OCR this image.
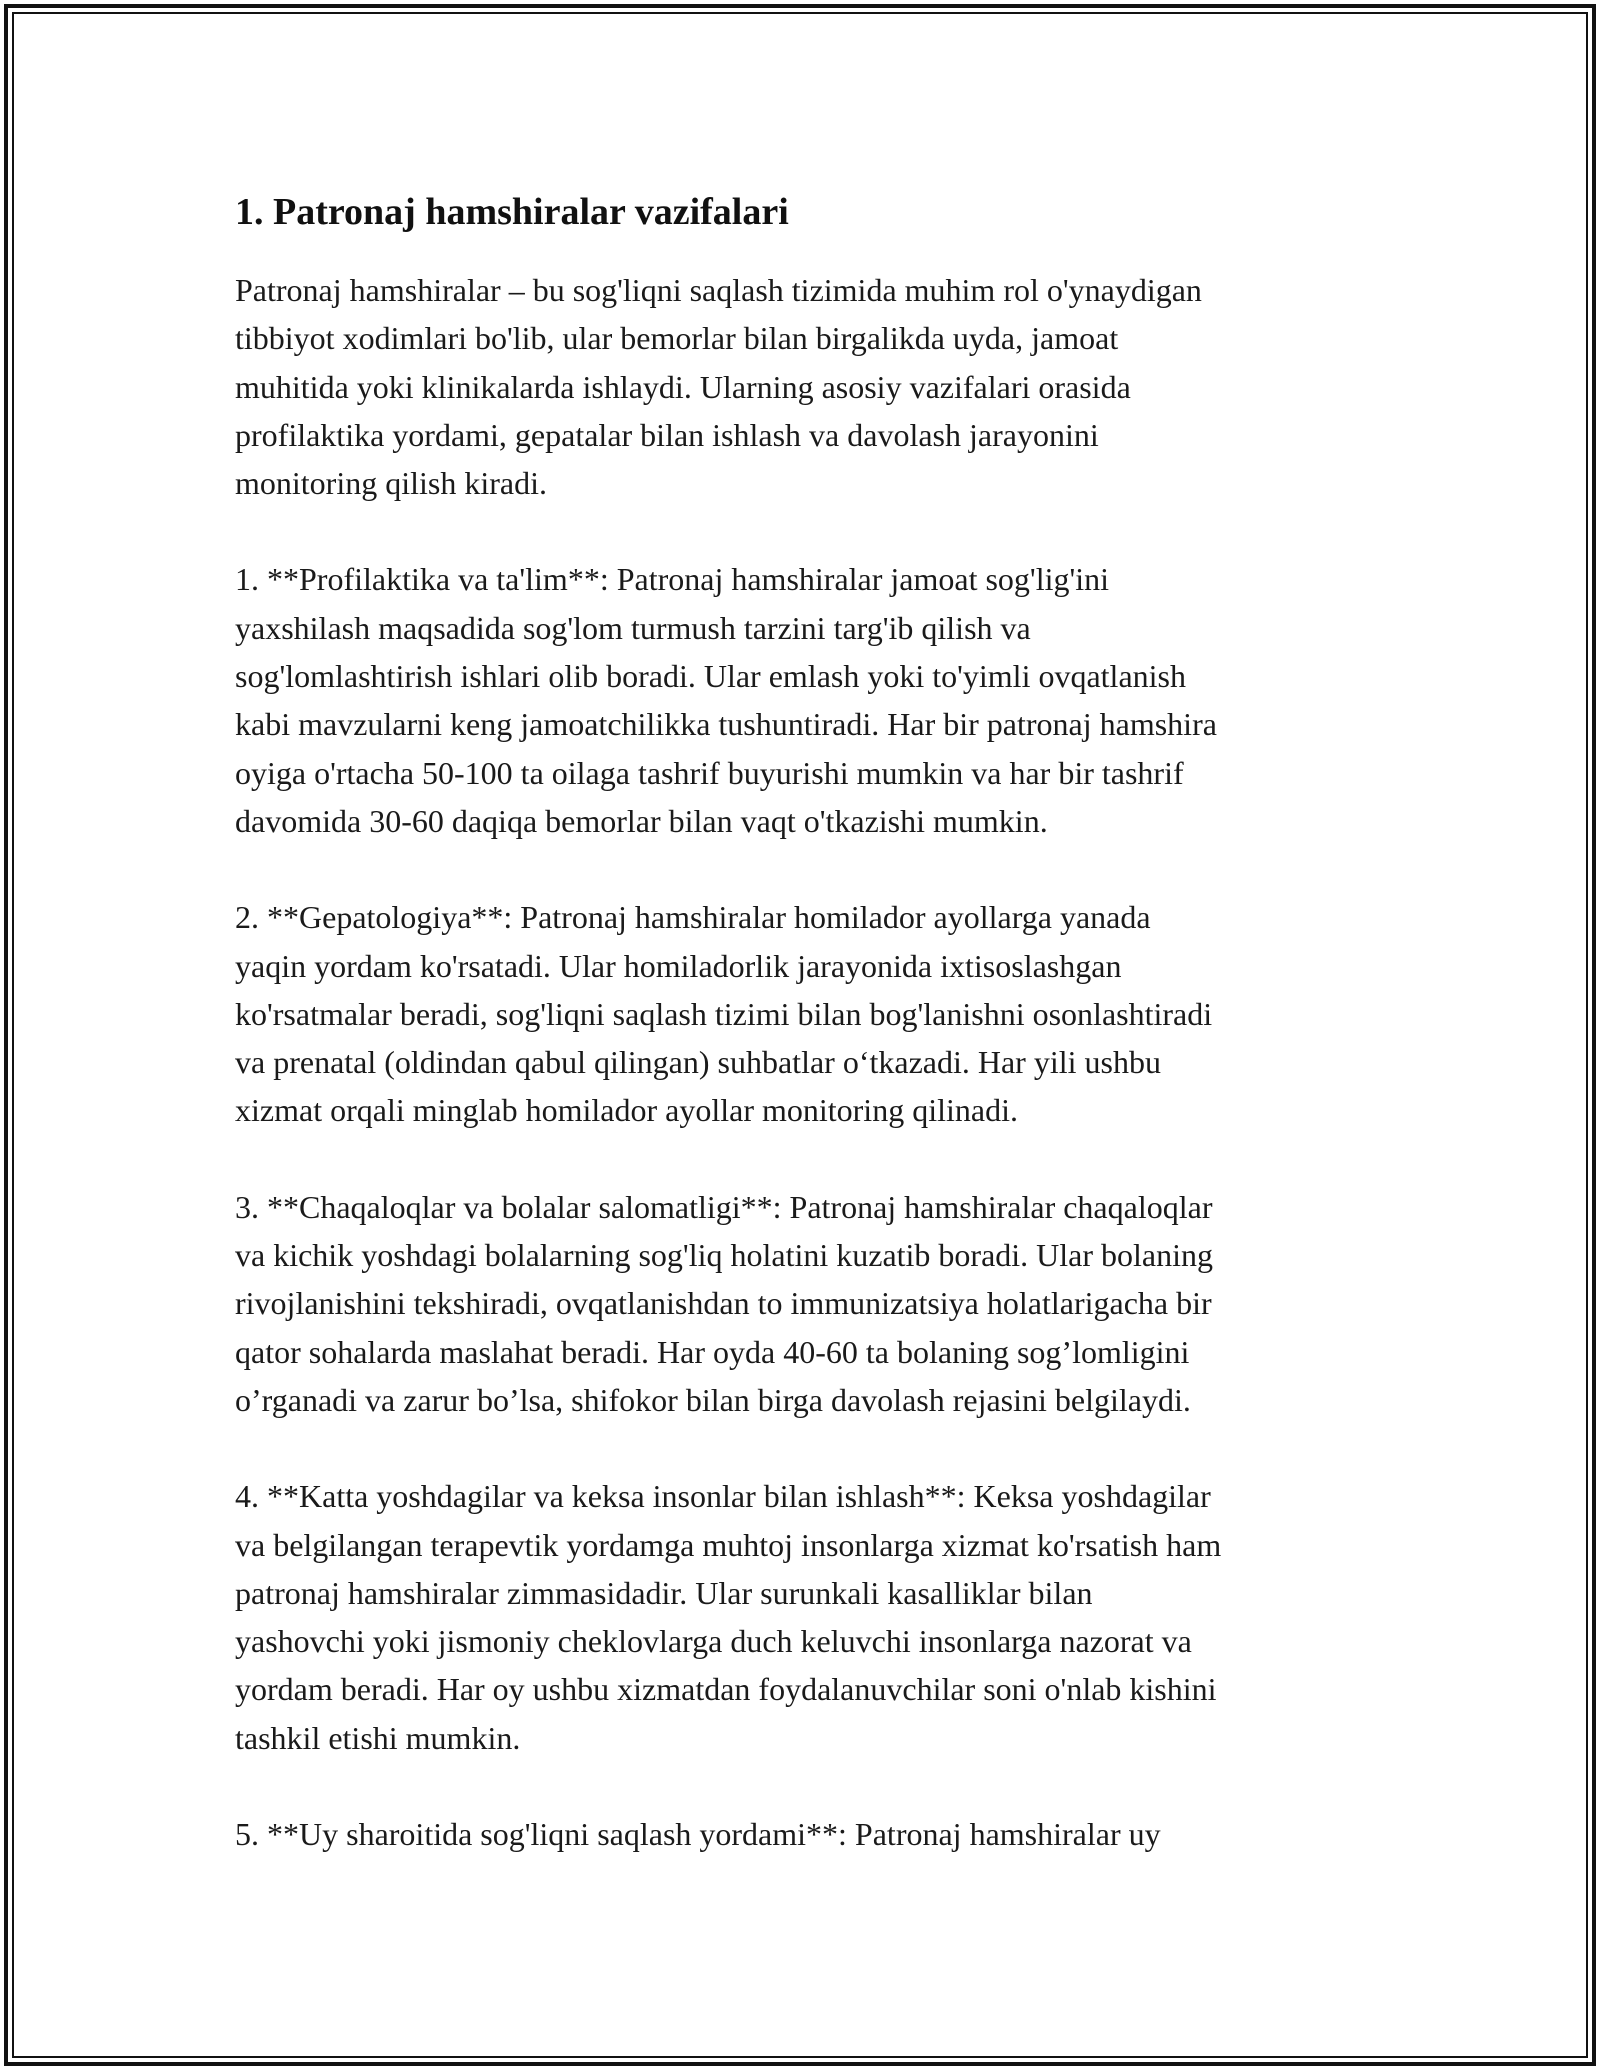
1. Patronaj hamshiralar vazifalari

Patronaj hamshiralar – bu sog'liqni saqlash tizimida muhim rol o'ynaydigan
tibbiyot xodimlari bo'lib, ular bemorlar bilan birgalikda uyda, jamoat
muhitida yoki klinikalarda ishlaydi. Ularning asosiy vazifalari orasida
profilaktika yordami, gepatalar bilan ishlash va davolash jarayonini
monitoring qilish kiradi.

1. **Profilaktika va ta'lim**: Patronaj hamshiralar jamoat sog'lig'ini
yaxshilash maqsadida sog'lom turmush tarzini targ'ib qilish va
sog'lomlashtirish ishlari olib boradi. Ular emlash yoki to'yimli ovqatlanish
kabi mavzularni keng jamoatchilikka tushuntiradi. Har bir patronaj hamshira
oyiga o'rtacha 50-100 ta oilaga tashrif buyurishi mumkin va har bir tashrif
davomida 30-60 daqiqa bemorlar bilan vaqt o'tkazishi mumkin.

2. **Gepatologiya**: Patronaj hamshiralar homilador ayollarga yanada
yaqin yordam ko'rsatadi. Ular homiladorlik jarayonida ixtisoslashgan
ko'rsatmalar beradi, sog'liqni saqlash tizimi bilan bog'lanishni osonlashtiradi
va prenatal (oldindan qabul qilingan) suhbatlar o‘tkazadi. Har yili ushbu
xizmat orqali minglab homilador ayollar monitoring qilinadi.

3. **Chaqaloqlar va bolalar salomatligi**: Patronaj hamshiralar chaqaloqlar
va kichik yoshdagi bolalarning sog'liq holatini kuzatib boradi. Ular bolaning
rivojlanishini tekshiradi, ovqatlanishdan to immunizatsiya holatlarigacha bir
qator sohalarda maslahat beradi. Har oyda 40-60 ta bolaning sog’lomligini
o’rganadi va zarur bo’lsa, shifokor bilan birga davolash rejasini belgilaydi.

4. **Katta yoshdagilar va keksa insonlar bilan ishlash**: Keksa yoshdagilar
va belgilangan terapevtik yordamga muhtoj insonlarga xizmat ko'rsatish ham
patronaj hamshiralar zimmasidadir. Ular surunkali kasalliklar bilan
yashovchi yoki jismoniy cheklovlarga duch keluvchi insonlarga nazorat va
yordam beradi. Har oy ushbu xizmatdan foydalanuvchilar soni o'nlab kishini
tashkil etishi mumkin.

5. **Uy sharoitida sog'liqni saqlash yordami**: Patronaj hamshiralar uy
